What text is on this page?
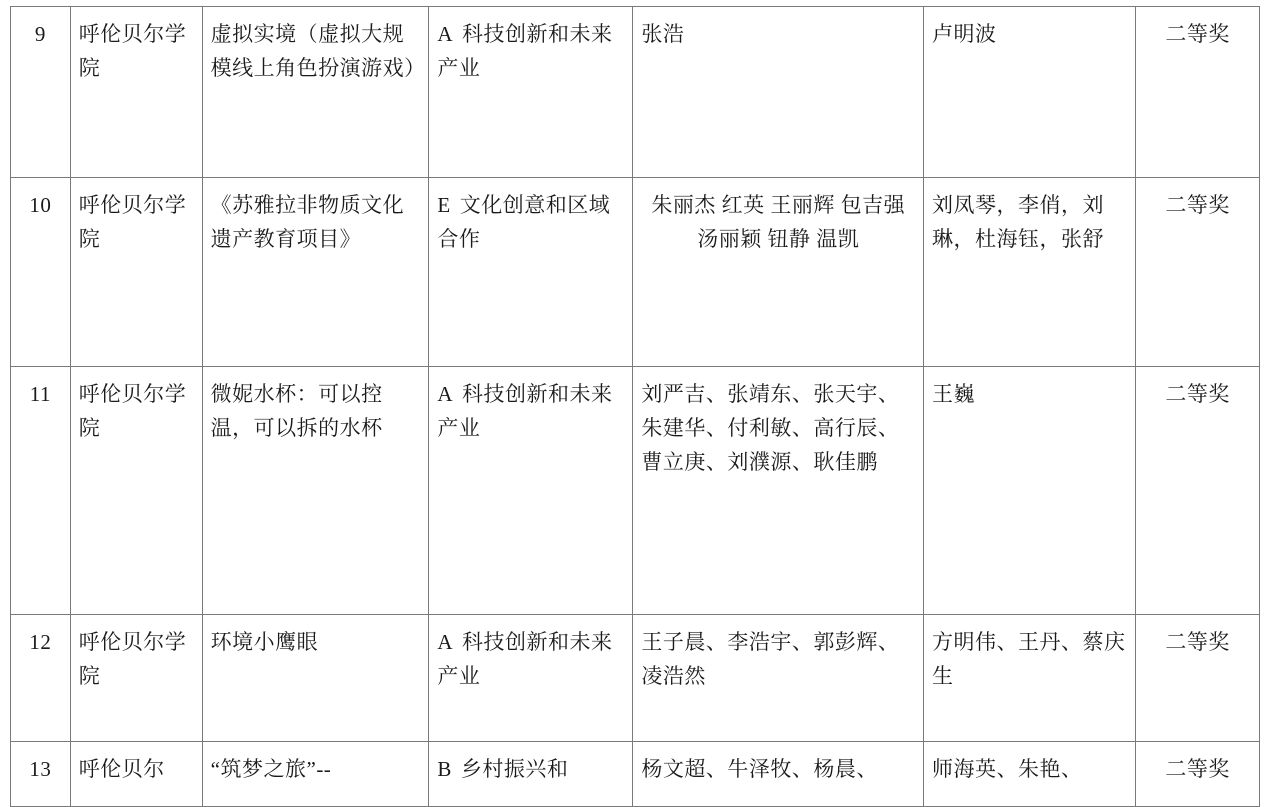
9	呼伦贝尔学院	虚拟实境（虚拟大规模线上角色扮演游戏）	A 科技创新和未来产业	张浩	卢明波	二等奖
10	呼伦贝尔学院	《苏雅拉非物质文化遗产教育项目》	E 文化创意和区域合作	朱丽杰 红英 王丽辉 包吉强 汤丽颖 钮静 温凯	刘凤琴，李俏，刘琳，杜海钰，张舒	二等奖
11	呼伦贝尔学院	微妮水杯：可以控温，可以拆的水杯	A 科技创新和未来产业	刘严吉、张靖东、张天宇、朱建华、付利敏、高行辰、曹立庚、刘濮源、耿佳鹏	王巍	二等奖
12	呼伦贝尔学院	环境小鹰眼	A 科技创新和未来产业	王子晨、李浩宇、郭彭辉、凌浩然	方明伟、王丹、蔡庆生	二等奖
13	呼伦贝尔	“筑梦之旅”--	B 乡村振兴和	杨文超、牛泽牧、杨晨、	师海英、朱艳、	二等奖
